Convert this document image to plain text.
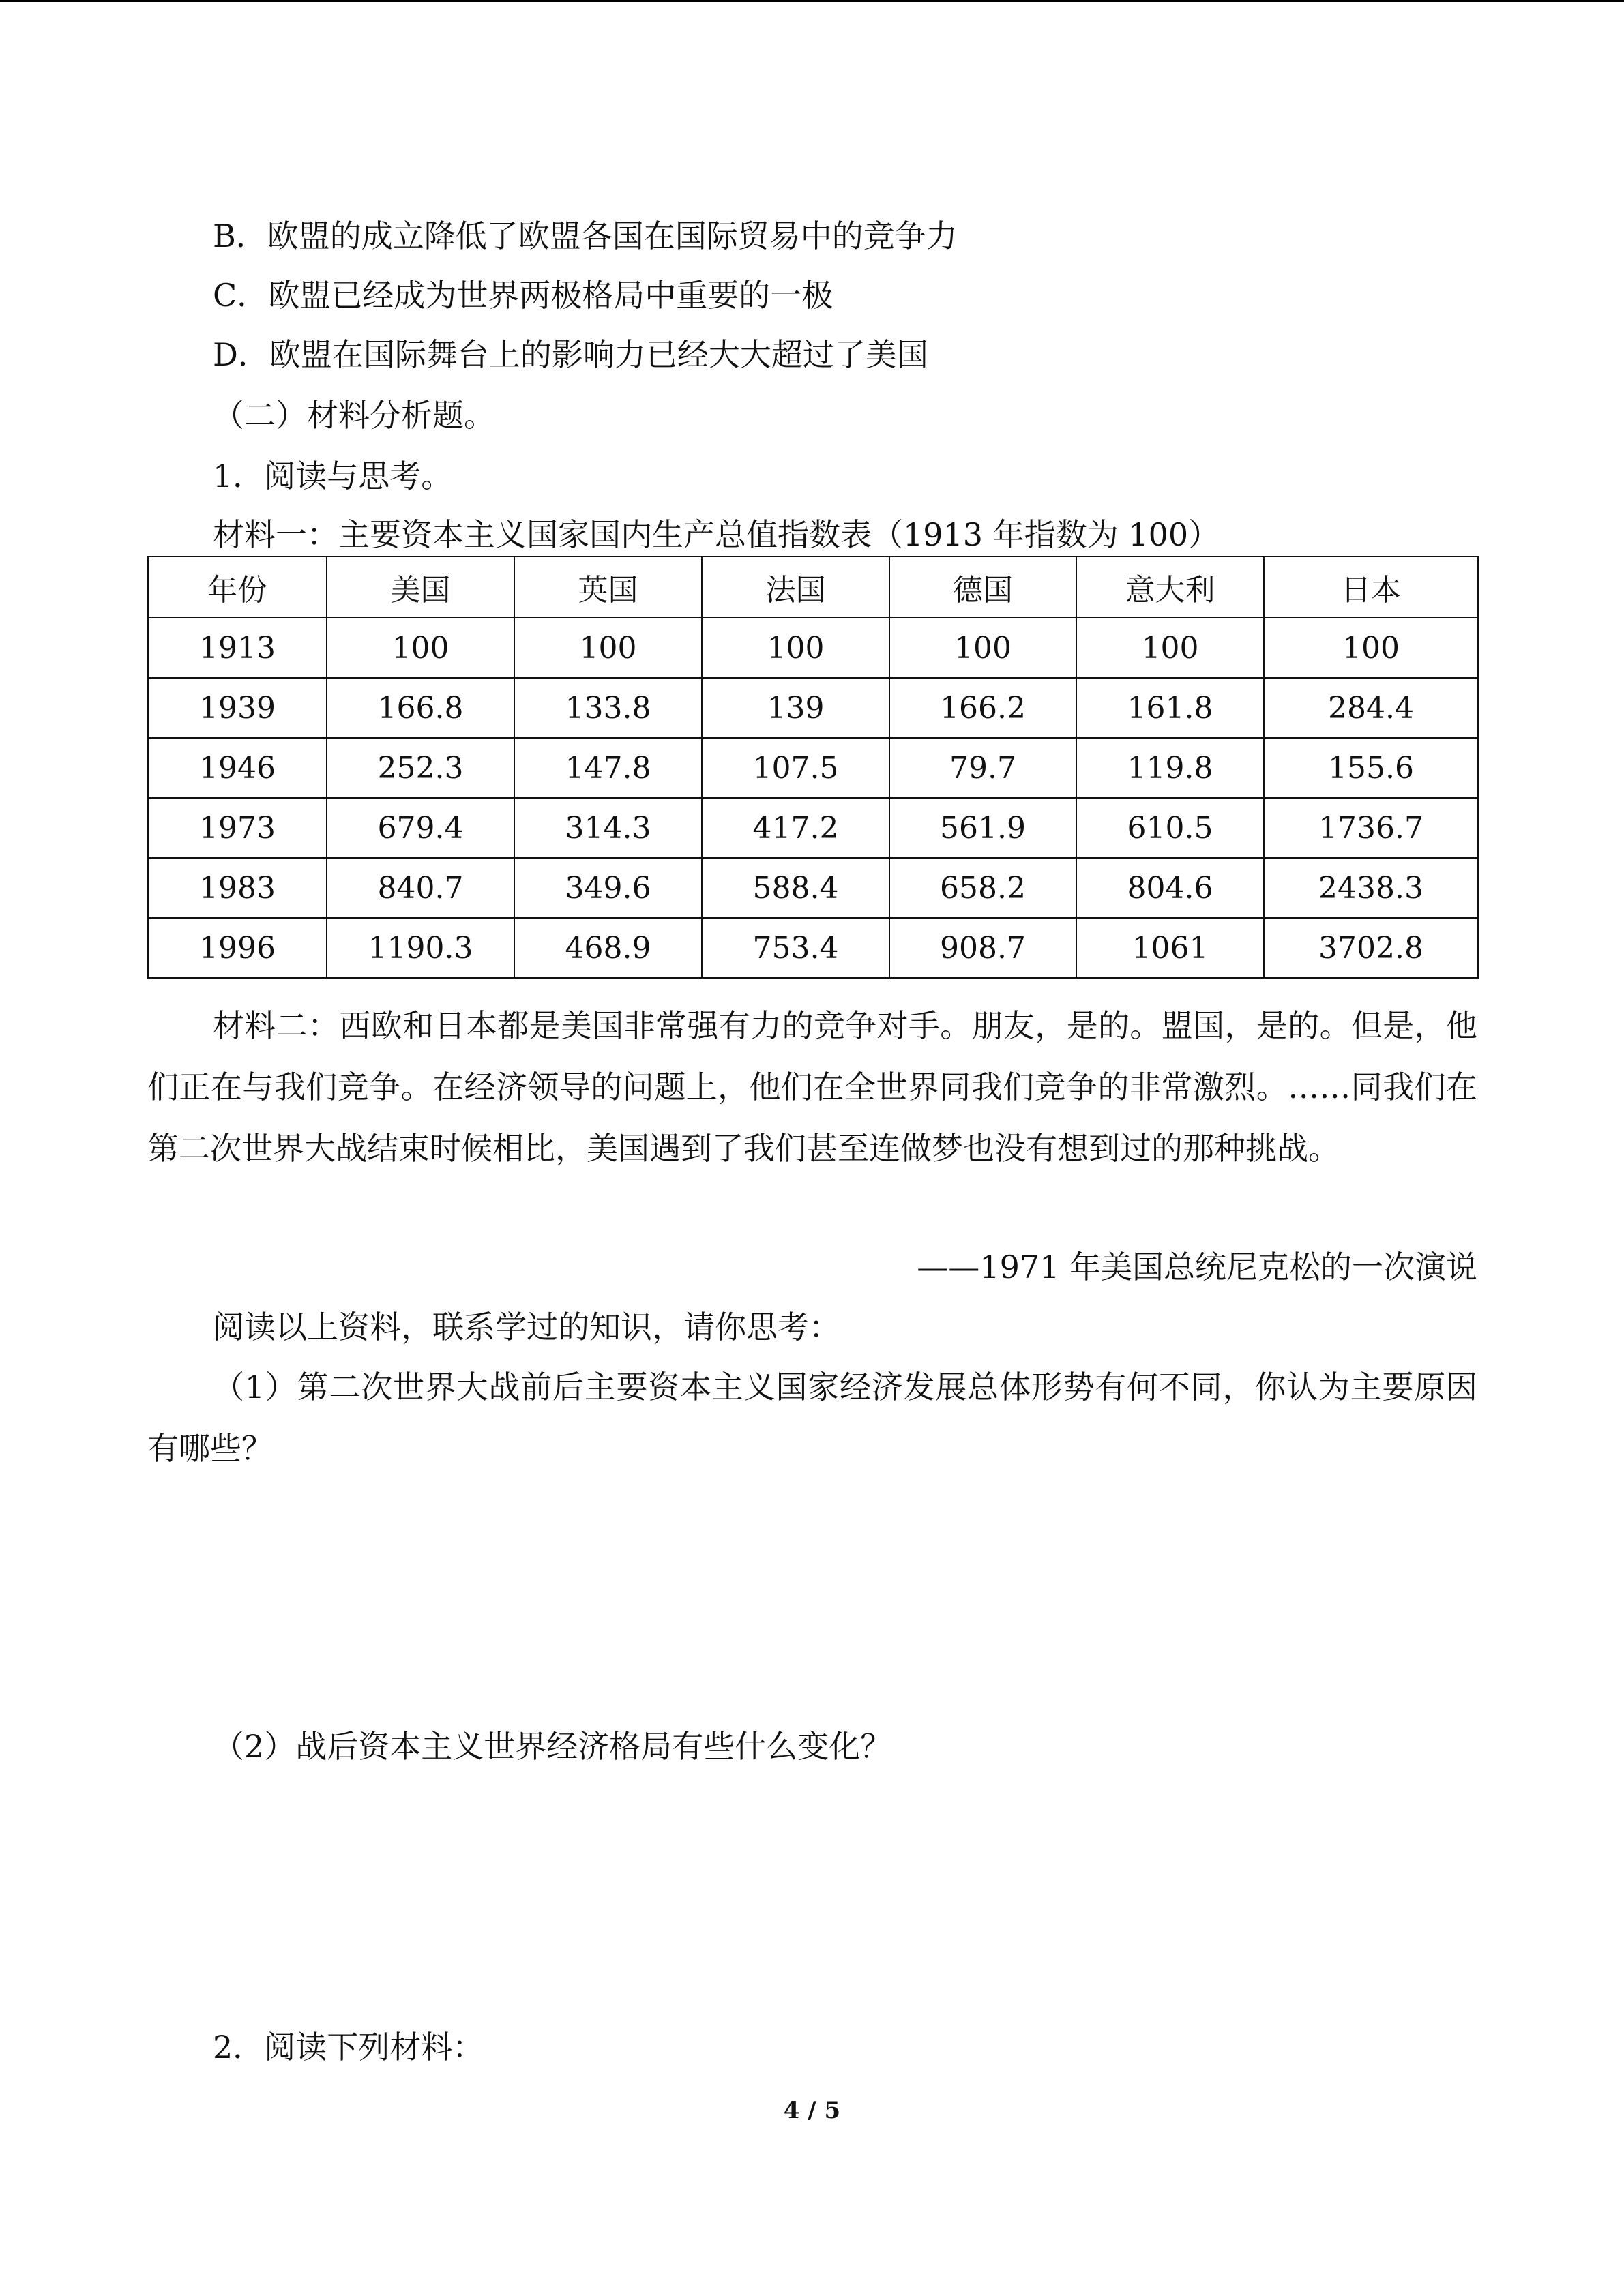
B．欧盟的成立降低了欧盟各国在国际贸易中的竞争力
C．欧盟已经成为世界两极格局中重要的一极
D．欧盟在国际舞台上的影响力已经大大超过了美国
（二）材料分析题。
1．阅读与思考。
材料一：主要资本主义国家国内生产总值指数表（1913 年指数为 100）
年份	美国	英国	法国	德国	意大利	日本
1913	100	100	100	100	100	100
1939	166.8	133.8	139	166.2	161.8	284.4
1946	252.3	147.8	107.5	79.7	119.8	155.6
1973	679.4	314.3	417.2	561.9	610.5	1736.7
1983	840.7	349.6	588.4	658.2	804.6	2438.3
1996	1190.3	468.9	753.4	908.7	1061	3702.8
材料二：西欧和日本都是美国非常强有力的竞争对手。朋友，是的。盟国，是的。但是，他们正在与我们竞争。在经济领导的问题上，他们在全世界同我们竞争的非常激烈。……同我们在第二次世界大战结束时候相比，美国遇到了我们甚至连做梦也没有想到过的那种挑战。
——1971 年美国总统尼克松的一次演说
阅读以上资料，联系学过的知识，请你思考：
（1）第二次世界大战前后主要资本主义国家经济发展总体形势有何不同，你认为主要原因有哪些？
（2）战后资本主义世界经济格局有些什么变化？
2．阅读下列材料：
4 / 5
